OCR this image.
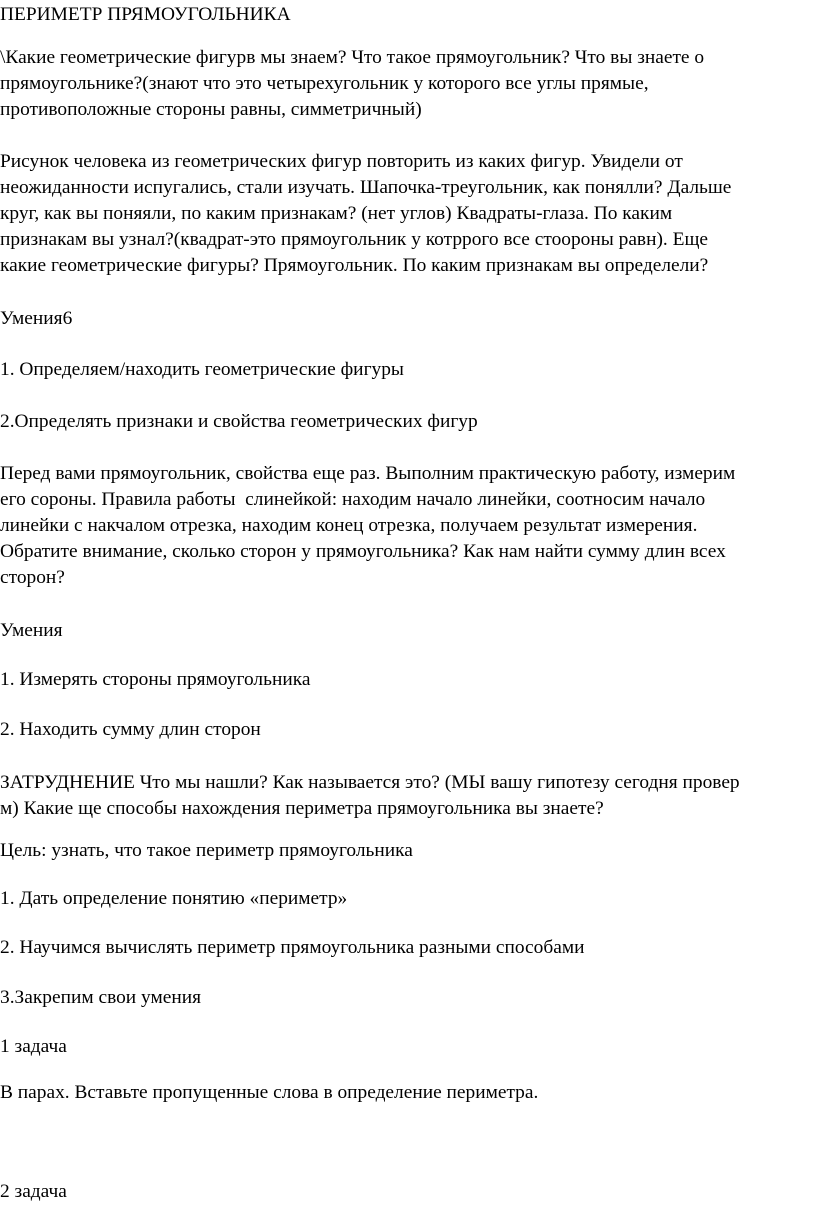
ПЕРИМЕТР ПРЯМОУГОЛЬНИКА

\Какие геометрические фигурв мы знаем? Что такое прямоугольник? Что вы знаете о
прямоугольнике?(знают что это четырехугольник у которого все углы прямые,
противоположные стороны равны, симметричный)

Рисунок человека из геометрических фигур повторить из каких фигур. Увидели от
неожиданности испугались, стали изучать. Шапочка-треугольник, как понялли? Дальше
круг, как вы поняяли, по каким признакам? (нет углов) Квадраты-глаза. По каким
признакам вы узнал?(квадрат-это прямоугольник у котррого все стоороны равн). Еще
какие геометрические фигуры? Прямоугольник. По каким признакам вы определели?

Умения6

1. Определяем/находить геометрические фигуры

2.Определять признаки и свойства геометрических фигур

Перед вами прямоугольник, свойства еще раз. Выполним практическую работу, измерим
его сороны. Правила работы  слинейкой: находим начало линейки, соотносим начало
линейки с накчалом отрезка, находим конец отрезка, получаем результат измерения.
Обратите внимание, сколько сторон у прямоугольника? Как нам найти сумму длин всех
сторон?

Умения

1. Измерять стороны прямоугольника

2. Находить сумму длин сторон

ЗАТРУДНЕНИЕ Что мы нашли? Как называется это? (МЫ вашу гипотезу сегодня провер
м) Какие ще способы нахождения периметра прямоугольника вы знаете?

Цель: узнать, что такое периметр прямоугольника

1. Дать определение понятию «периметр»

2. Научимся вычислять периметр прямоугольника разными способами

3.Закрепим свои умения

1 задача

В парах. Вставьте пропущенные слова в определение периметра.

2 задача
